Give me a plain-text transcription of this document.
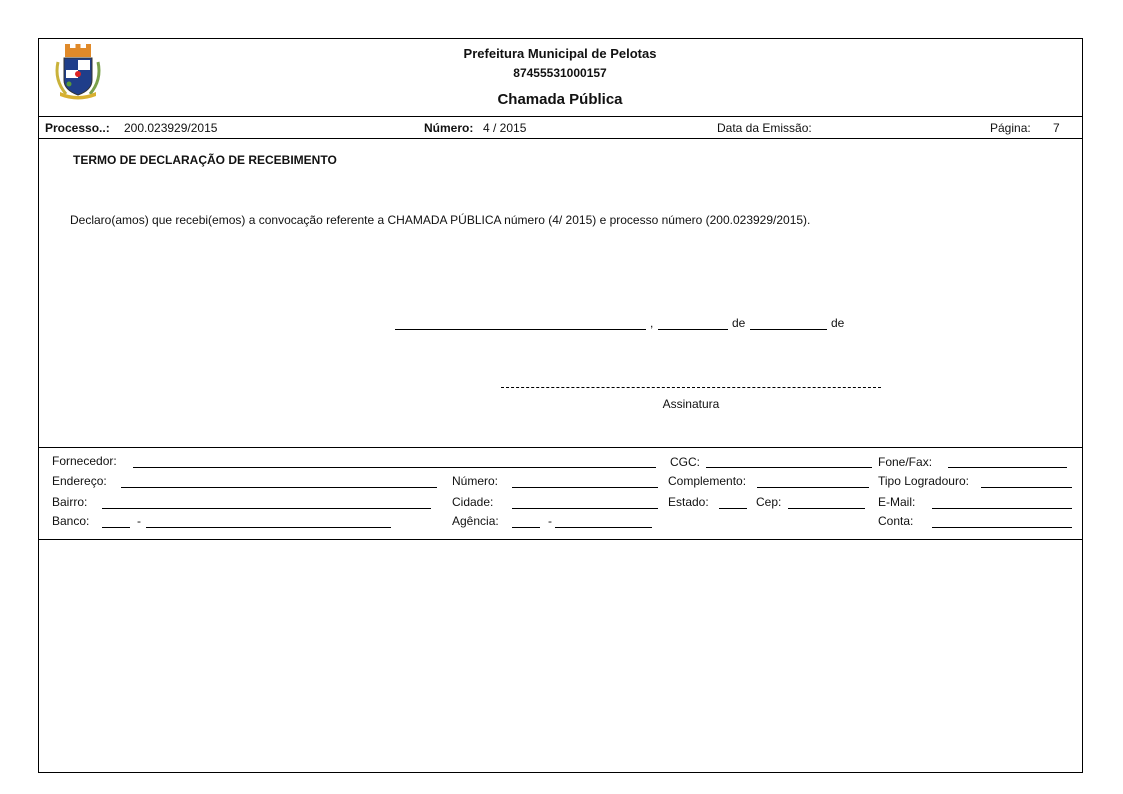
Prefeitura Municipal de Pelotas
87455531000157
Chamada Pública
Processo..: 200.023929/2015	Número: 4 / 2015	Data da Emissão:	Página: 7
TERMO DE DECLARAÇÃO DE RECEBIMENTO
Declaro(amos) que recebi(emos) a convocação referente a CHAMADA PÚBLICA número (4/ 2015) e processo número (200.023929/2015).
,	de	de
Assinatura
Fornecedor:	CGC:	Fone/Fax:
Endereço:	Número:	Complemento:	Tipo Logradouro:
Bairro:	Cidade:	Estado:	Cep:	E-Mail:
Banco:	-	Agência:	-	Conta:
